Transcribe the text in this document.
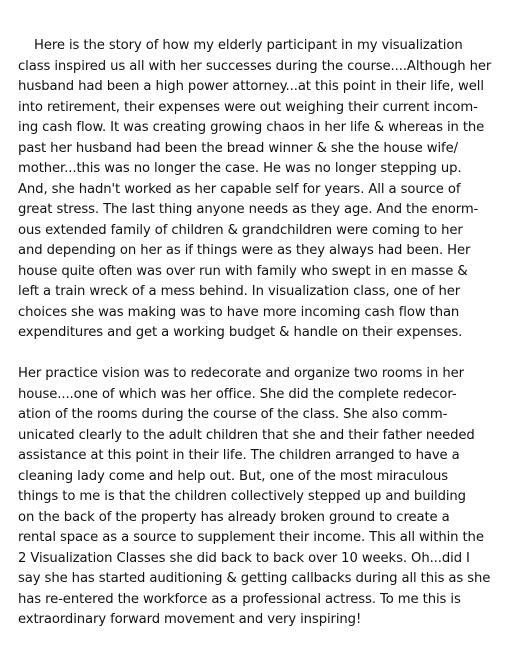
Here is the story of how my elderly participant in my visualization
class inspired us all with her successes during the course....Although her
husband had been a high power attorney...at this point in their life, well
into retirement, their expenses were out weighing their current incom-
ing cash flow. It was creating growing chaos in her life & whereas in the
past her husband had been the bread winner & she the house wife/
mother...this was no longer the case. He was no longer stepping up.
And, she hadn't worked as her capable self for years. All a source of
great stress. The last thing anyone needs as they age. And the enorm-
ous extended family of children & grandchildren were coming to her
and depending on her as if things were as they always had been. Her
house quite often was over run with family who swept in en masse &
left a train wreck of a mess behind. In visualization class, one of her
choices she was making was to have more incoming cash flow than
expenditures and get a working budget & handle on their expenses.
Her practice vision was to redecorate and organize two rooms in her
house....one of which was her office. She did the complete redecor-
ation of the rooms during the course of the class. She also comm-
unicated clearly to the adult children that she and their father needed
assistance at this point in their life. The children arranged to have a
cleaning lady come and help out. But, one of the most miraculous
things to me is that the children collectively stepped up and building
on the back of the property has already broken ground to create a
rental space as a source to supplement their income. This all within the
2 Visualization Classes she did back to back over 10 weeks. Oh...did I
say she has started auditioning & getting callbacks during all this as she
has re-entered the workforce as a professional actress. To me this is
extraordinary forward movement and very inspiring!
